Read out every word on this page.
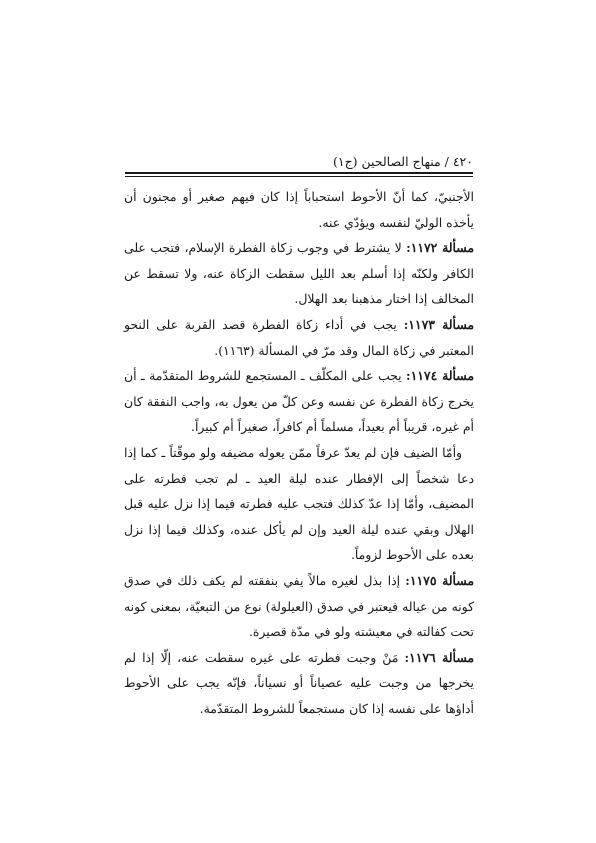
٤٢٠ / منهاج الصالحين (ج١)

الأجنبيّ، كما أنّ الأحوط استحباباً إذا كان فيهم صغير أو مجنون أن يأخذه الوليّ لنفسه ويؤدّي عنه.

مسألة ١١٧٢: لا يشترط في وجوب زكاة الفطرة الإسلام، فتجب على الكافر ولكنّه إذا أسلم بعد الليل سقطت الزكاة عنه، ولا تسقط عن المخالف إذا اختار مذهبنا بعد الهلال.

مسألة ١١٧٣: يجب في أداء زكاة الفطرة قصد القربة على النحو المعتبر في زكاة المال وقد مرّ في المسألة (١١٦٣).

مسألة ١١٧٤: يجب على المكلّف ـ المستجمع للشروط المتقدّمة ـ أن يخرج زكاة الفطرة عن نفسه وعن كلّ من يعول به، واجب النفقة كان أم غيره، قريباً أم بعيداً، مسلماً أم كافراً، صغيراً أم كبيراً.

وأمّا الضيف فإن لم يعدّ عرفاً ممّن يعوله مضيفه ولو موقّتاً ـ كما إذا دعا شخصاً إلى الإفطار عنده ليلة العيد ـ لم تجب فطرته على المضيف، وأمّا إذا عدّ كذلك فتجب عليه فطرته فيما إذا نزل عليه قبل الهلال وبقي عنده ليلة العيد وإن لم يأكل عنده، وكذلك فيما إذا نزل بعده على الأحوط لزوماً.

مسألة ١١٧٥: إذا بذل لغيره مالاً يفي بنفقته لم يكف ذلك في صدق كونه من عياله فيعتبر في صدق (العيلولة) نوع من التبعيّة، بمعنى كونه تحت كفالته في معيشته ولو في مدّة قصيرة.

مسألة ١١٧٦: مَنْ وجبت فطرته على غيره سقطت عنه، إلّا إذا لم يخرجها من وجبت عليه عصياناً أو نسياناً، فإنّه يجب على الأحوط أداؤها على نفسه إذا كان مستجمعاً للشروط المتقدّمة.
